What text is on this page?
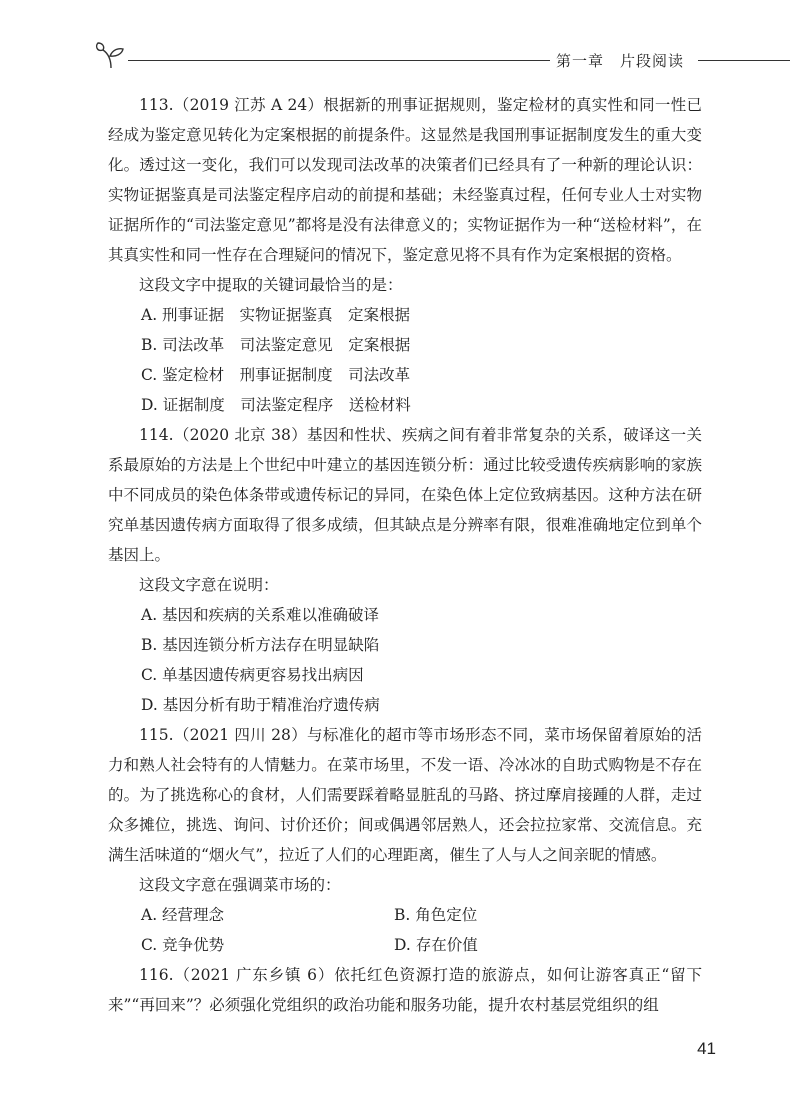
第一章　片段阅读

113.（2019 江苏 A 24）根据新的刑事证据规则，鉴定检材的真实性和同一性已经成为鉴定意见转化为定案根据的前提条件。这显然是我国刑事证据制度发生的重大变化。透过这一变化，我们可以发现司法改革的决策者们已经具有了一种新的理论认识：实物证据鉴真是司法鉴定程序启动的前提和基础；未经鉴真过程，任何专业人士对实物证据所作的“司法鉴定意见”都将是没有法律意义的；实物证据作为一种“送检材料”，在其真实性和同一性存在合理疑问的情况下，鉴定意见将不具有作为定案根据的资格。

这段文字中提取的关键词最恰当的是：

A. 刑事证据　实物证据鉴真　定案根据

B. 司法改革　司法鉴定意见　定案根据

C. 鉴定检材　刑事证据制度　司法改革

D. 证据制度　司法鉴定程序　送检材料

114.（2020 北京 38）基因和性状、疾病之间有着非常复杂的关系，破译这一关系最原始的方法是上个世纪中叶建立的基因连锁分析：通过比较受遗传疾病影响的家族中不同成员的染色体条带或遗传标记的异同，在染色体上定位致病基因。这种方法在研究单基因遗传病方面取得了很多成绩，但其缺点是分辨率有限，很难准确地定位到单个基因上。

这段文字意在说明：

A. 基因和疾病的关系难以准确破译

B. 基因连锁分析方法存在明显缺陷

C. 单基因遗传病更容易找出病因

D. 基因分析有助于精准治疗遗传病

115.（2021 四川 28）与标准化的超市等市场形态不同，菜市场保留着原始的活力和熟人社会特有的人情魅力。在菜市场里，不发一语、冷冰冰的自助式购物是不存在的。为了挑选称心的食材，人们需要踩着略显脏乱的马路、挤过摩肩接踵的人群，走过众多摊位，挑选、询问、讨价还价；间或偶遇邻居熟人，还会拉拉家常、交流信息。充满生活味道的“烟火气”，拉近了人们的心理距离，催生了人与人之间亲昵的情感。

这段文字意在强调菜市场的：

A. 经营理念	B. 角色定位
C. 竞争优势	D. 存在价值

116.（2021 广东乡镇 6）依托红色资源打造的旅游点，如何让游客真正“留下来”“再回来”？必须强化党组织的政治功能和服务功能，提升农村基层党组织的组

41
